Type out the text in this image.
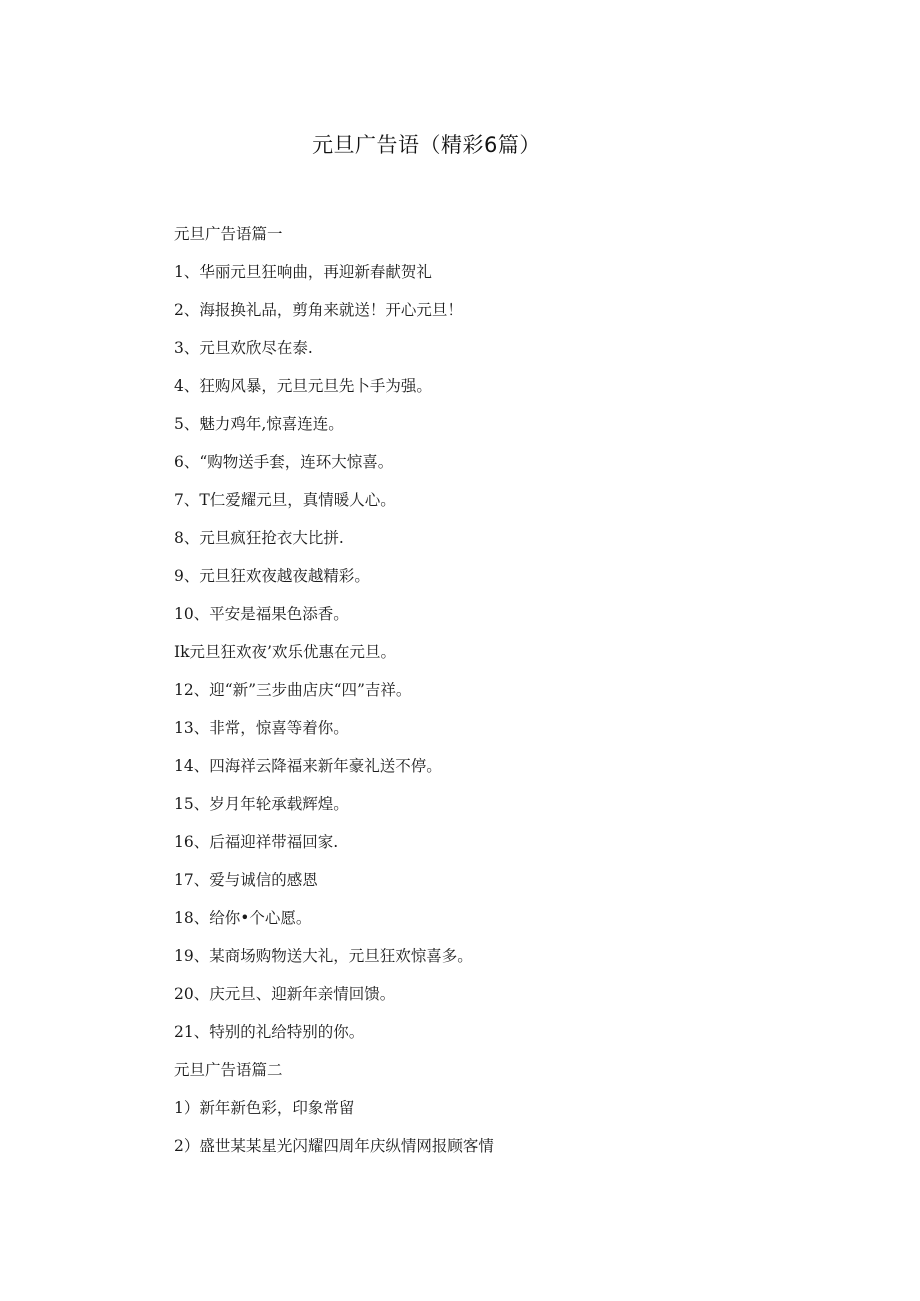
元旦广告语（精彩6篇）
元旦广告语篇一
1、华丽元旦狂响曲，再迎新春献贺礼
2、海报换礼品，剪角来就送！开心元旦！
3、元旦欢欣尽在泰.
4、狂购风暴，元旦元旦先卜手为强。
5、魅力鸡年,惊喜连连。
6、“购物送手套，连环大惊喜。
7、T仁爱耀元旦，真情暖人心。
8、元旦疯狂抢衣大比拼.
9、元旦狂欢夜越夜越精彩。
10、平安是福果色添香。
Ik元旦狂欢夜’欢乐优惠在元旦。
12、迎“新”三步曲店庆“四”吉祥。
13、非常，惊喜等着你。
14、四海祥云降福来新年豪礼送不停。
15、岁月年轮承载辉煌。
16、后福迎祥带福回家.
17、爱与诚信的感恩
18、给你•个心愿。
19、某商场购物送大礼，元旦狂欢惊喜多。
20、庆元旦、迎新年亲情回馈。
21、特别的礼给特别的你。
元旦广告语篇二
1）新年新色彩，印象常留
2）盛世某某星光闪耀四周年庆纵情网报顾客情
